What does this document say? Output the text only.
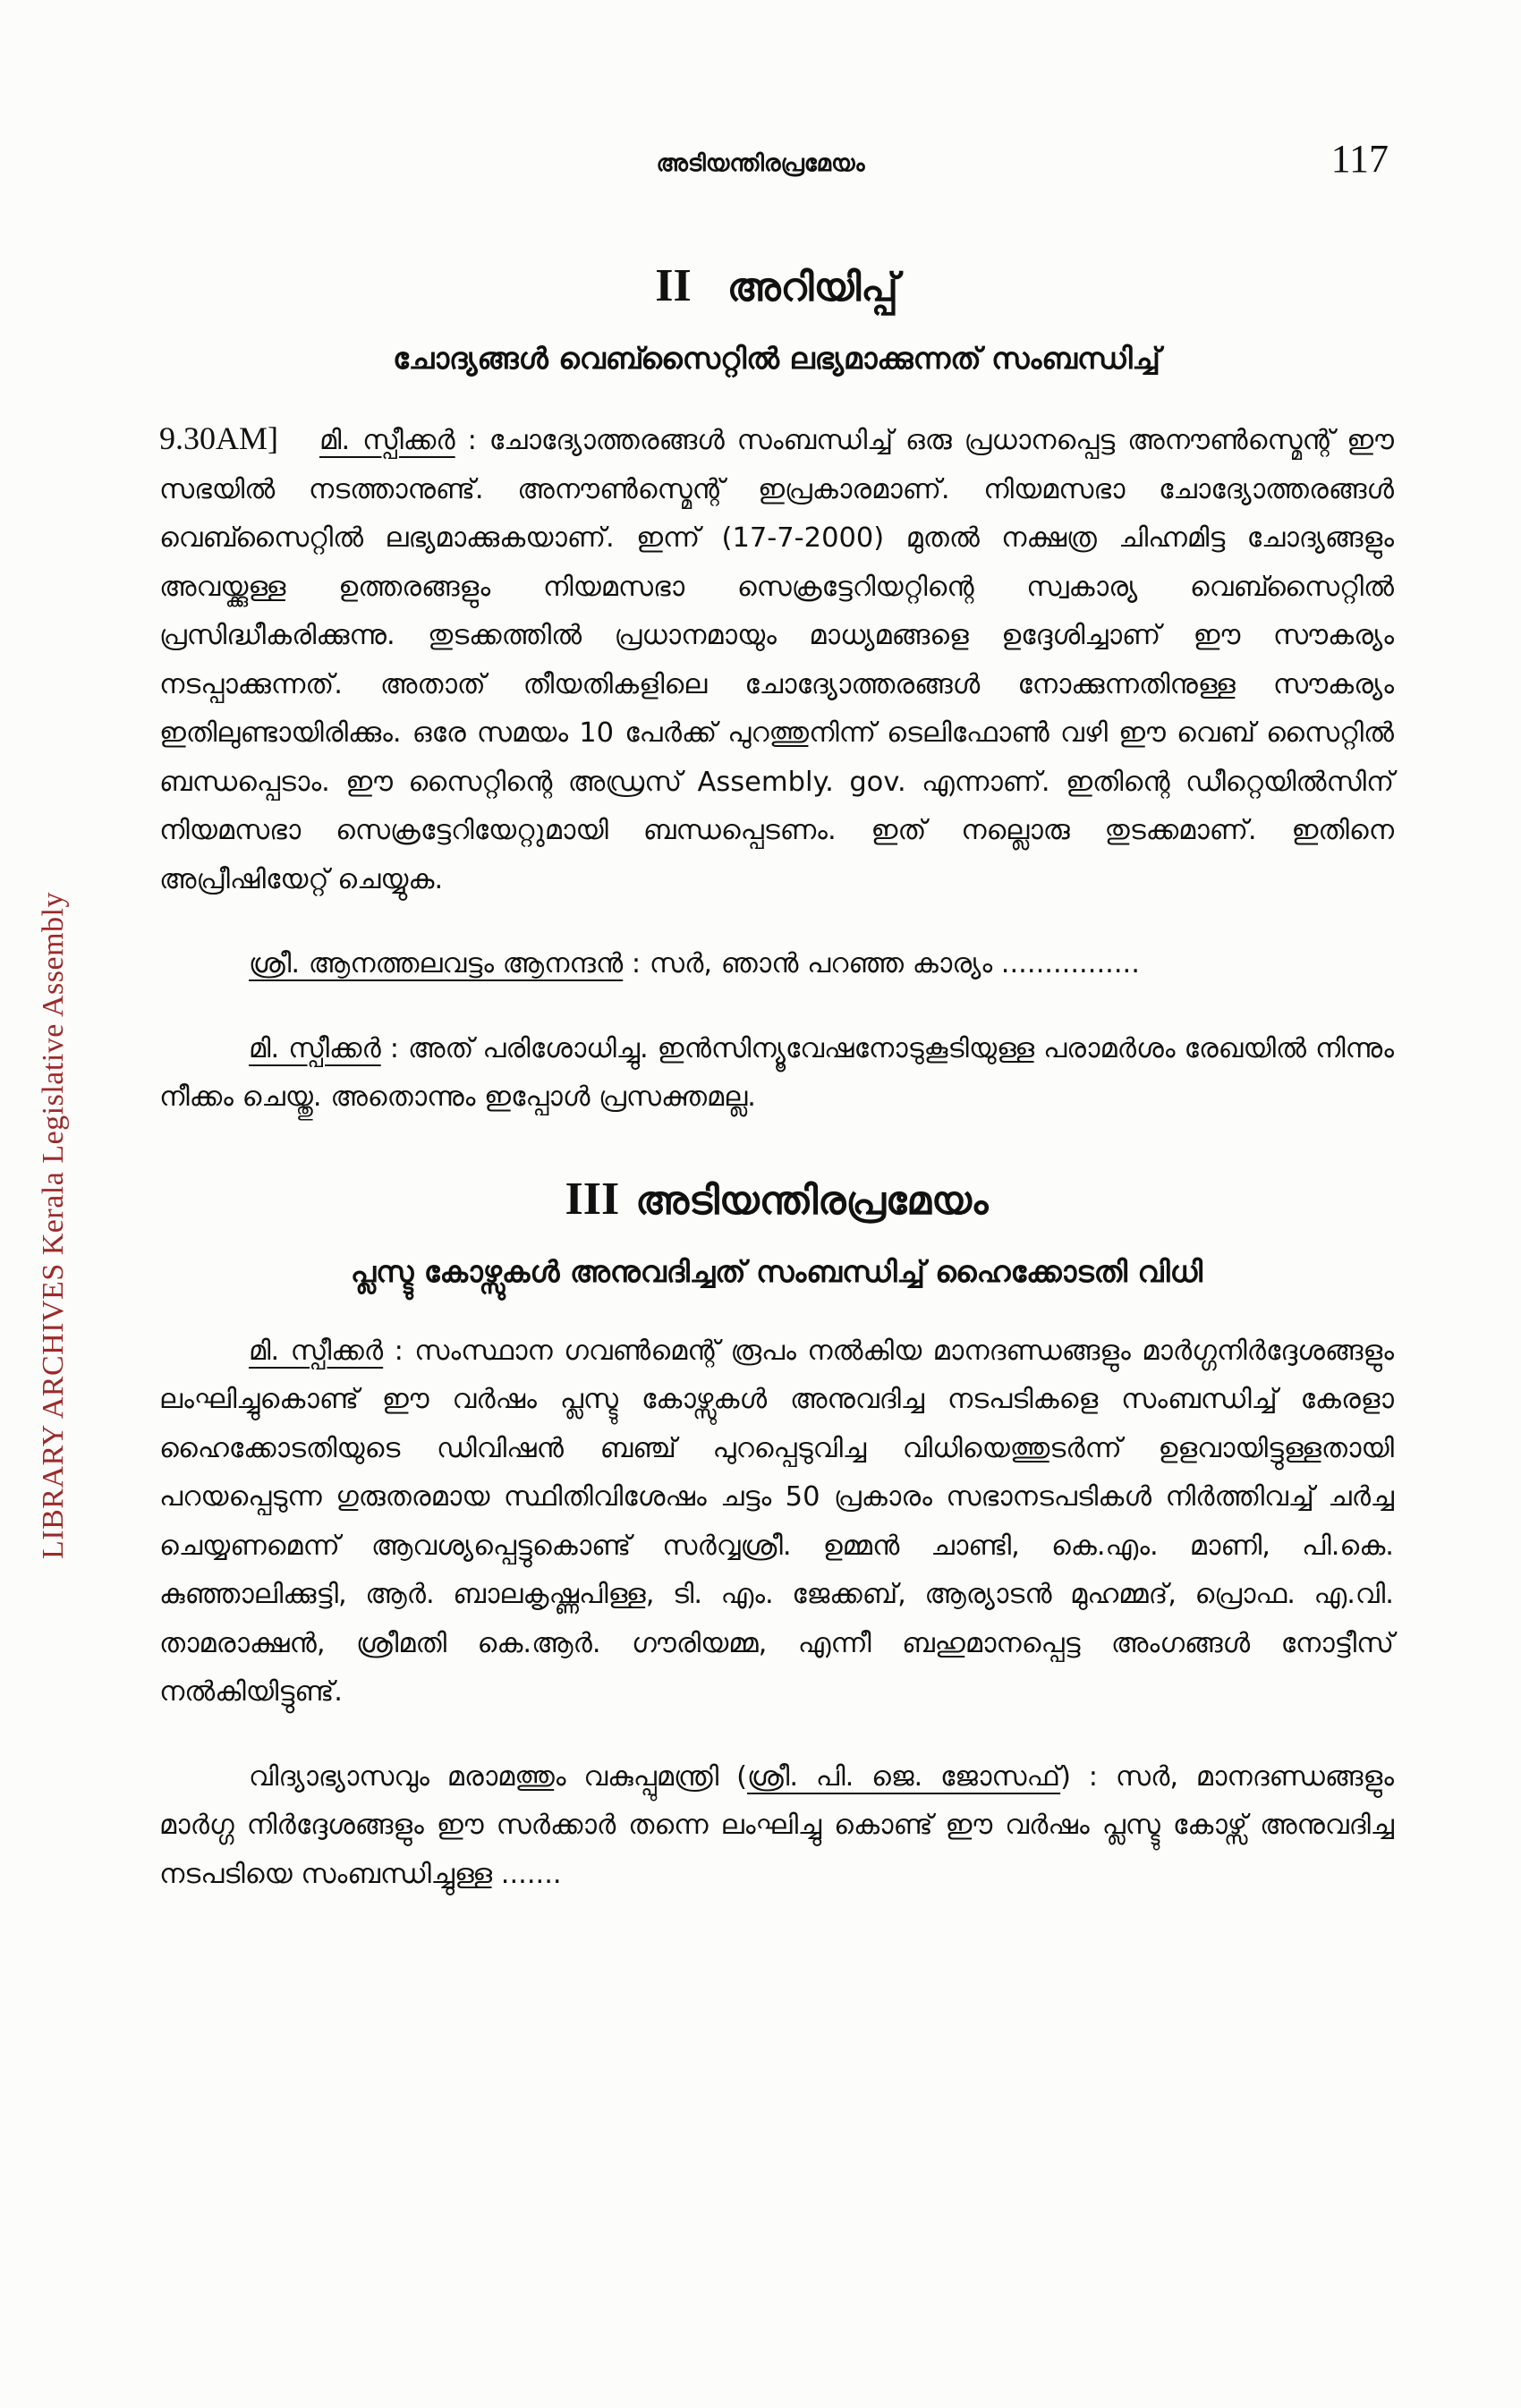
LIBRARY ARCHIVES Kerala Legislative Assembly
അടിയന്തിരപ്രമേയം	117
II അറിയിപ്പ്
ചോദ്യങ്ങൾ വെബ്സൈറ്റിൽ ലഭ്യമാക്കുന്നത് സംബന്ധിച്ച്

9.30AM] മി. സ്പീക്കർ : ചോദ്യോത്തരങ്ങൾ സംബന്ധിച്ച് ഒരു പ്രധാനപ്പെട്ട അനൗൺസ്മെന്റ് ഈ സഭയിൽ നടത്താനുണ്ട്. അനൗൺസ്മെന്റ് ഇപ്രകാരമാണ്. നിയമസഭാ ചോദ്യോത്തരങ്ങൾ വെബ്സൈറ്റിൽ ലഭ്യമാക്കുകയാണ്. ഇന്ന് (17-7-2000) മുതൽ നക്ഷത്ര ചിഹ്നമിട്ട ചോദ്യങ്ങളും അവയ്ക്കുള്ള ഉത്തരങ്ങളും നിയമസഭാ സെക്രട്ടേറിയറ്റിന്റെ സ്വകാര്യ വെബ്സൈറ്റിൽ പ്രസിദ്ധീകരിക്കുന്നു. തുടക്കത്തിൽ പ്രധാനമായും മാധ്യമങ്ങളെ ഉദ്ദേശിച്ചാണ് ഈ സൗകര്യം നടപ്പാക്കുന്നത്. അതാത് തീയതികളിലെ ചോദ്യോത്തരങ്ങൾ നോക്കുന്നതിനുള്ള സൗകര്യം ഇതിലുണ്ടായിരിക്കും. ഒരേ സമയം 10 പേർക്ക് പുറത്തുനിന്ന് ടെലിഫോൺ വഴി ഈ വെബ് സൈറ്റിൽ ബന്ധപ്പെടാം. ഈ സൈറ്റിന്റെ അഡ്രസ് Assembly. gov. എന്നാണ്. ഇതിന്റെ ഡീറ്റെയിൽസിന് നിയമസഭാ സെക്രട്ടേറിയേറ്റുമായി ബന്ധപ്പെടണം. ഇത് നല്ലൊരു തുടക്കമാണ്. ഇതിനെ അപ്രീഷിയേറ്റ് ചെയ്യുക.

ശ്രീ. ആനത്തലവട്ടം ആനന്ദൻ : സർ, ഞാൻ പറഞ്ഞ കാര്യം ................

മി. സ്പീക്കർ : അത് പരിശോധിച്ചു. ഇൻസിന്യൂവേഷനോടുകൂടിയുള്ള പരാമർശം രേഖയിൽ നിന്നും നീക്കം ചെയ്തു. അതൊന്നും ഇപ്പോൾ പ്രസക്തമല്ല.

III അടിയന്തിരപ്രമേയം
പ്ലസ്ടു കോഴ്സുകൾ അനുവദിച്ചത് സംബന്ധിച്ച് ഹൈക്കോടതി വിധി

മി. സ്പീക്കർ : സംസ്ഥാന ഗവൺമെന്റ് രൂപം നൽകിയ മാനദണ്ഡങ്ങളും മാർഗ്ഗനിർദ്ദേശങ്ങളും ലംഘിച്ചുകൊണ്ട് ഈ വർഷം പ്ലസ്ടു കോഴ്സുകൾ അനുവദിച്ച നടപടികളെ സംബന്ധിച്ച് കേരളാ ഹൈക്കോടതിയുടെ ഡിവിഷൻ ബഞ്ച് പുറപ്പെടുവിച്ച വിധിയെത്തുടർന്ന് ഉളവായിട്ടുള്ളതായി പറയപ്പെടുന്ന ഗുരുതരമായ സ്ഥിതിവിശേഷം ചട്ടം 50 പ്രകാരം സഭാനടപടികൾ നിർത്തിവച്ച് ചർച്ച ചെയ്യണമെന്ന് ആവശ്യപ്പെട്ടുകൊണ്ട് സർവ്വശ്രീ. ഉമ്മൻ ചാണ്ടി, കെ.എം. മാണി, പി.കെ. കുഞ്ഞാലിക്കുട്ടി, ആർ. ബാലകൃഷ്ണപിള്ള, ടി. എം. ജേക്കബ്, ആര്യാടൻ മുഹമ്മദ്, പ്രൊഫ. എ.വി. താമരാക്ഷൻ, ശ്രീമതി കെ.ആർ. ഗൗരിയമ്മ, എന്നീ ബഹുമാനപ്പെട്ട അംഗങ്ങൾ നോട്ടീസ് നൽകിയിട്ടുണ്ട്.

വിദ്യാഭ്യാസവും മരാമത്തും വകുപ്പുമന്ത്രി (ശ്രീ. പി. ജെ. ജോസഫ്) : സർ, മാനദണ്ഡങ്ങളും മാർഗ്ഗ നിർദ്ദേശങ്ങളും ഈ സർക്കാർ തന്നെ ലംഘിച്ചു കൊണ്ട് ഈ വർഷം പ്ലസ്ടു കോഴ്സ് അനുവദിച്ച നടപടിയെ സംബന്ധിച്ചുള്ള .......
